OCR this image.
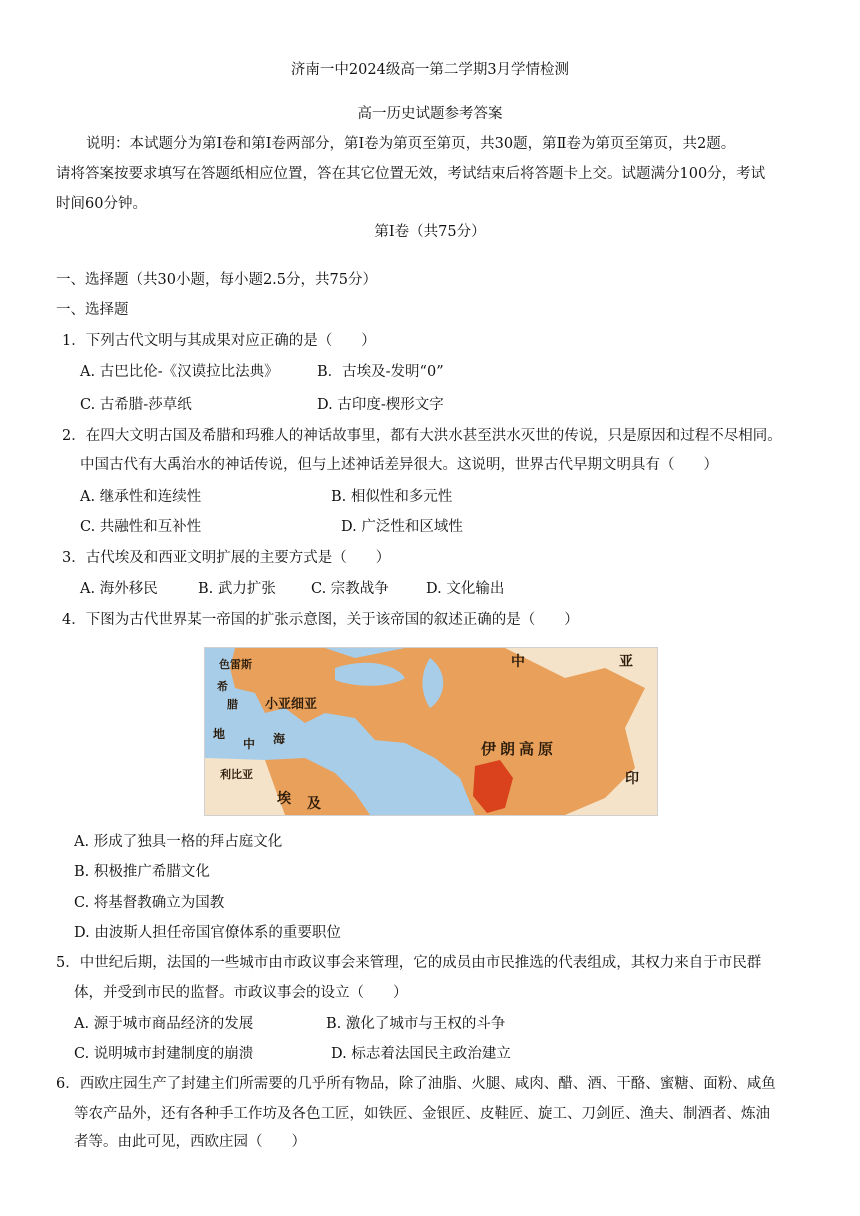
济南一中2024级高一第二学期3月学情检测
高一历史试题参考答案
说明：本试题分为第Ⅰ卷和第Ⅰ卷两部分，第Ⅰ卷为第页至第页，共30题，第Ⅱ卷为第页至第页，共2题。
请将答案按要求填写在答题纸相应位置，答在其它位置无效，考试结束后将答题卡上交。试题满分100分，考试
时间60分钟。
第Ⅰ卷（共75分）
一、选择题（共30小题，每小题2.5分，共75分）
一、选择题
1．下列古代文明与其成果对应正确的是（　　）
A. 古巴比伦-《汉谟拉比法典》	B．古埃及-发明“0”
C. 古希腊-莎草纸	D. 古印度-楔形文字
2．在四大文明古国及希腊和玛雅人的神话故事里，都有大洪水甚至洪水灭世的传说，只是原因和过程不尽相同。
中国古代有大禹治水的神话传说，但与上述神话差异很大。这说明，世界古代早期文明具有（　　）
A. 继承性和连续性	B. 相似性和多元性
C. 共融性和互补性	D. 广泛性和区域性
3．古代埃及和西亚文明扩展的主要方式是（　　）
A. 海外移民	B. 武力扩张 C. 宗教战争	D. 文化输出
4．下图为古代世界某一帝国的扩张示意图，关于该帝国的叙述正确的是（　　）
色雷斯
希
腊 小亚细亚
地
中 海
利比亚
埃 及
伊朗高原
中	亚
印
A. 形成了独具一格的拜占庭文化
B. 积极推广希腊文化
C. 将基督教确立为国教
D. 由波斯人担任帝国官僚体系的重要职位
5．中世纪后期，法国的一些城市由市政议事会来管理，它的成员由市民推选的代表组成，其权力来自于市民群
体，并受到市民的监督。市政议事会的设立（　　）
A. 源于城市商品经济的发展	B. 激化了城市与王权的斗争
C. 说明城市封建制度的崩溃	D. 标志着法国民主政治建立
6．西欧庄园生产了封建主们所需要的几乎所有物品，除了油脂、火腿、咸肉、醋、酒、干酪、蜜糖、面粉、咸鱼
等农产品外，还有各种手工作坊及各色工匠，如铁匠、金银匠、皮鞋匠、旋工、刀剑匠、渔夫、制酒者、炼油
者等。由此可见，西欧庄园（　　）
